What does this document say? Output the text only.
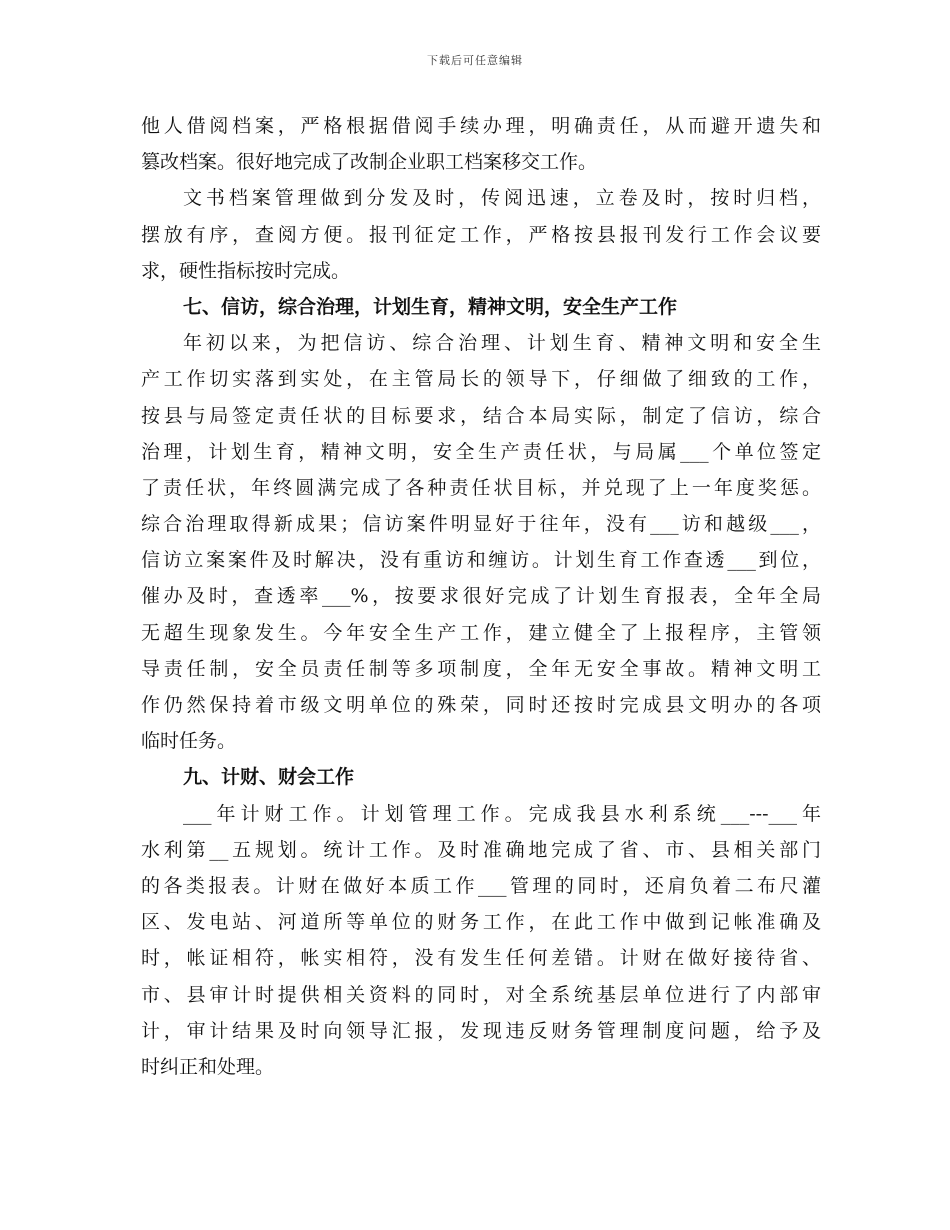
下载后可任意编辑
他人借阅档案，严格根据借阅手续办理，明确责任，从而避开遗失和
篡改档案。很好地完成了改制企业职工档案移交工作。
文书档案管理做到分发及时，传阅迅速，立卷及时，按时归档，
摆放有序，查阅方便。报刊征定工作，严格按县报刊发行工作会议要
求，硬性指标按时完成。
七、信访，综合治理，计划生育，精神文明，安全生产工作
年初以来，为把信访、综合治理、计划生育、精神文明和安全生
产工作切实落到实处，在主管局长的领导下，仔细做了细致的工作，
按县与局签定责任状的目标要求，结合本局实际，制定了信访，综合
治理，计划生育，精神文明，安全生产责任状，与局属___个单位签定
了责任状，年终圆满完成了各种责任状目标，并兑现了上一年度奖惩。
综合治理取得新成果；信访案件明显好于往年，没有___访和越级___，
信访立案案件及时解决，没有重访和缠访。计划生育工作查透___到位，
催办及时，查透率___%，按要求很好完成了计划生育报表，全年全局
无超生现象发生。今年安全生产工作，建立健全了上报程序，主管领
导责任制，安全员责任制等多项制度，全年无安全事故。精神文明工
作仍然保持着市级文明单位的殊荣，同时还按时完成县文明办的各项
临时任务。
九、计财、财会工作
___年计财工作。计划管理工作。完成我县水利系统___---___年
水利第__五规划。统计工作。及时准确地完成了省、市、县相关部门
的各类报表。计财在做好本质工作___管理的同时，还肩负着二布尺灌
区、发电站、河道所等单位的财务工作，在此工作中做到记帐准确及
时，帐证相符，帐实相符，没有发生任何差错。计财在做好接待省、
市、县审计时提供相关资料的同时，对全系统基层单位进行了内部审
计，审计结果及时向领导汇报，发现违反财务管理制度问题，给予及
时纠正和处理。
